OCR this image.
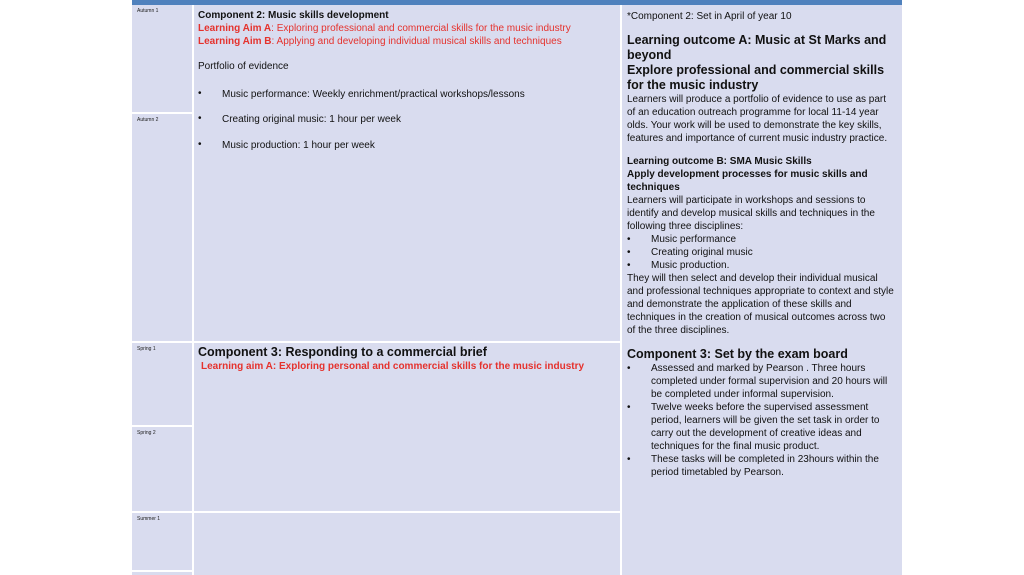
Autumn 1
Autumn 2
Spring 1
Spring 2
Summer 1
Component 2: Music skills development
Learning Aim A: Exploring professional and commercial skills for the music industry
Learning Aim B: Applying and developing individual musical skills and techniques
Portfolio of evidence
• Music performance: Weekly enrichment/practical workshops/lessons
• Creating original music: 1 hour per week
• Music production: 1 hour per week
Component 3: Responding to a commercial brief
Learning aim A: Exploring personal and commercial skills for the music industry

*Component 2: Set in April of year 10

Learning outcome A: Music at St Marks and beyond

Explore professional and commercial skills for the music industry

Learners will produce a portfolio of evidence to use as part of an education outreach programme for local 11-14 year olds. Your work will be used to demonstrate the key skills, features and importance of current music industry practice.

Learning outcome B: SMA Music Skills

Apply development processes for music skills and techniques

Learners will participate in workshops and sessions to identify and develop musical skills and techniques in the following three disciplines:

• Music performance
• Creating original music
• Music production.

They will then select and develop their individual musical and professional techniques appropriate to context and style and demonstrate the application of these skills and techniques in the creation of musical outcomes across two of the three disciplines.

Component 3: Set by the exam board

• Assessed and marked by Pearson . Three hours completed under formal supervision and 20 hours will be completed under informal supervision.
• Twelve weeks before the supervised assessment period, learners will be given the set task in order to carry out the development of creative ideas and techniques for the final music product.
• These tasks will be completed in 23hours within the period timetabled by Pearson.
